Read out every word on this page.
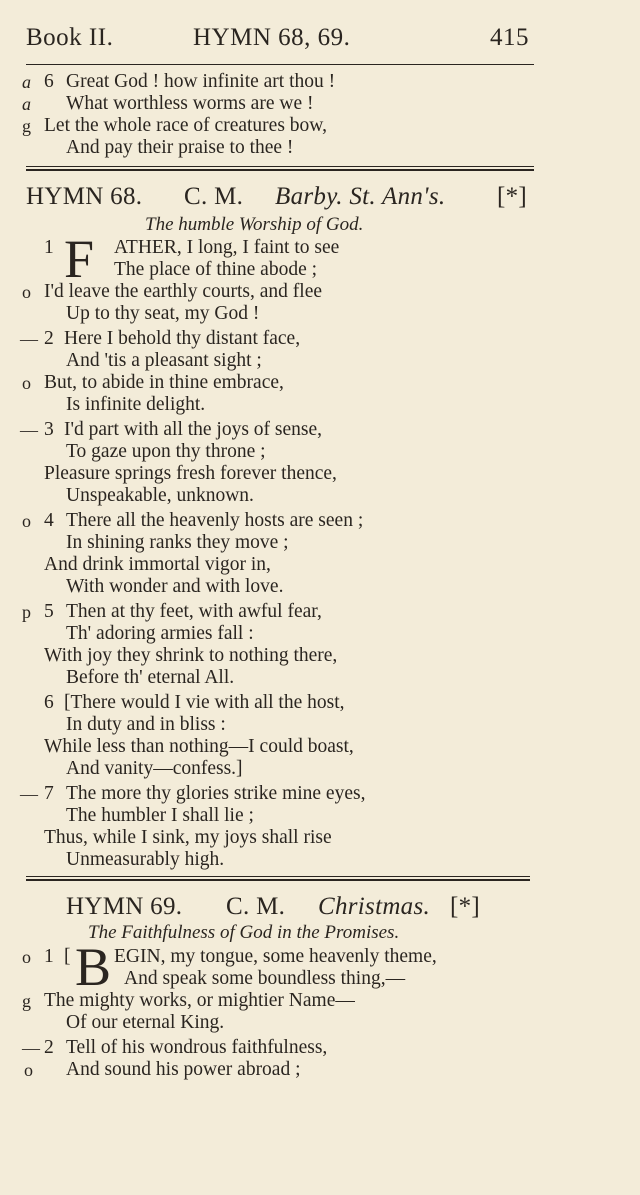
Book II.	HYMN 68, 69.	415
a 6 Great God ! how infinite art thou !
a What worthless worms are we !
g Let the whole race of creatures bow,
And pay their praise to thee !
HYMN 68. C. M. Barby. St. Ann's. [*]
The humble Worship of God.
1 F ATHER, I long, I faint to see
The place of thine abode ;
o I'd leave the earthly courts, and flee
Up to thy seat, my God !
— 2 Here I behold thy distant face,
And 'tis a pleasant sight ;
o But, to abide in thine embrace,
Is infinite delight.
— 3 I'd part with all the joys of sense,
To gaze upon thy throne ;
Pleasure springs fresh forever thence,
Unspeakable, unknown.
o 4 There all the heavenly hosts are seen ;
In shining ranks they move ;
And drink immortal vigor in,
With wonder and with love.
p 5 Then at thy feet, with awful fear,
Th' adoring armies fall :
With joy they shrink to nothing there,
Before th' eternal All.
6 [There would I vie with all the host,
In duty and in bliss :
While less than nothing—I could boast,
And vanity—confess.]
— 7 The more thy glories strike mine eyes,
The humbler I shall lie ;
Thus, while I sink, my joys shall rise
Unmeasurably high.
HYMN 69. C. M. Christmas. [*]
The Faithfulness of God in the Promises.
o 1 [ B EGIN, my tongue, some heavenly theme,
And speak some boundless thing,—
g The mighty works, or mightier Name—
Of our eternal King.
— 2 Tell of his wondrous faithfulness,
o And sound his power abroad ;
